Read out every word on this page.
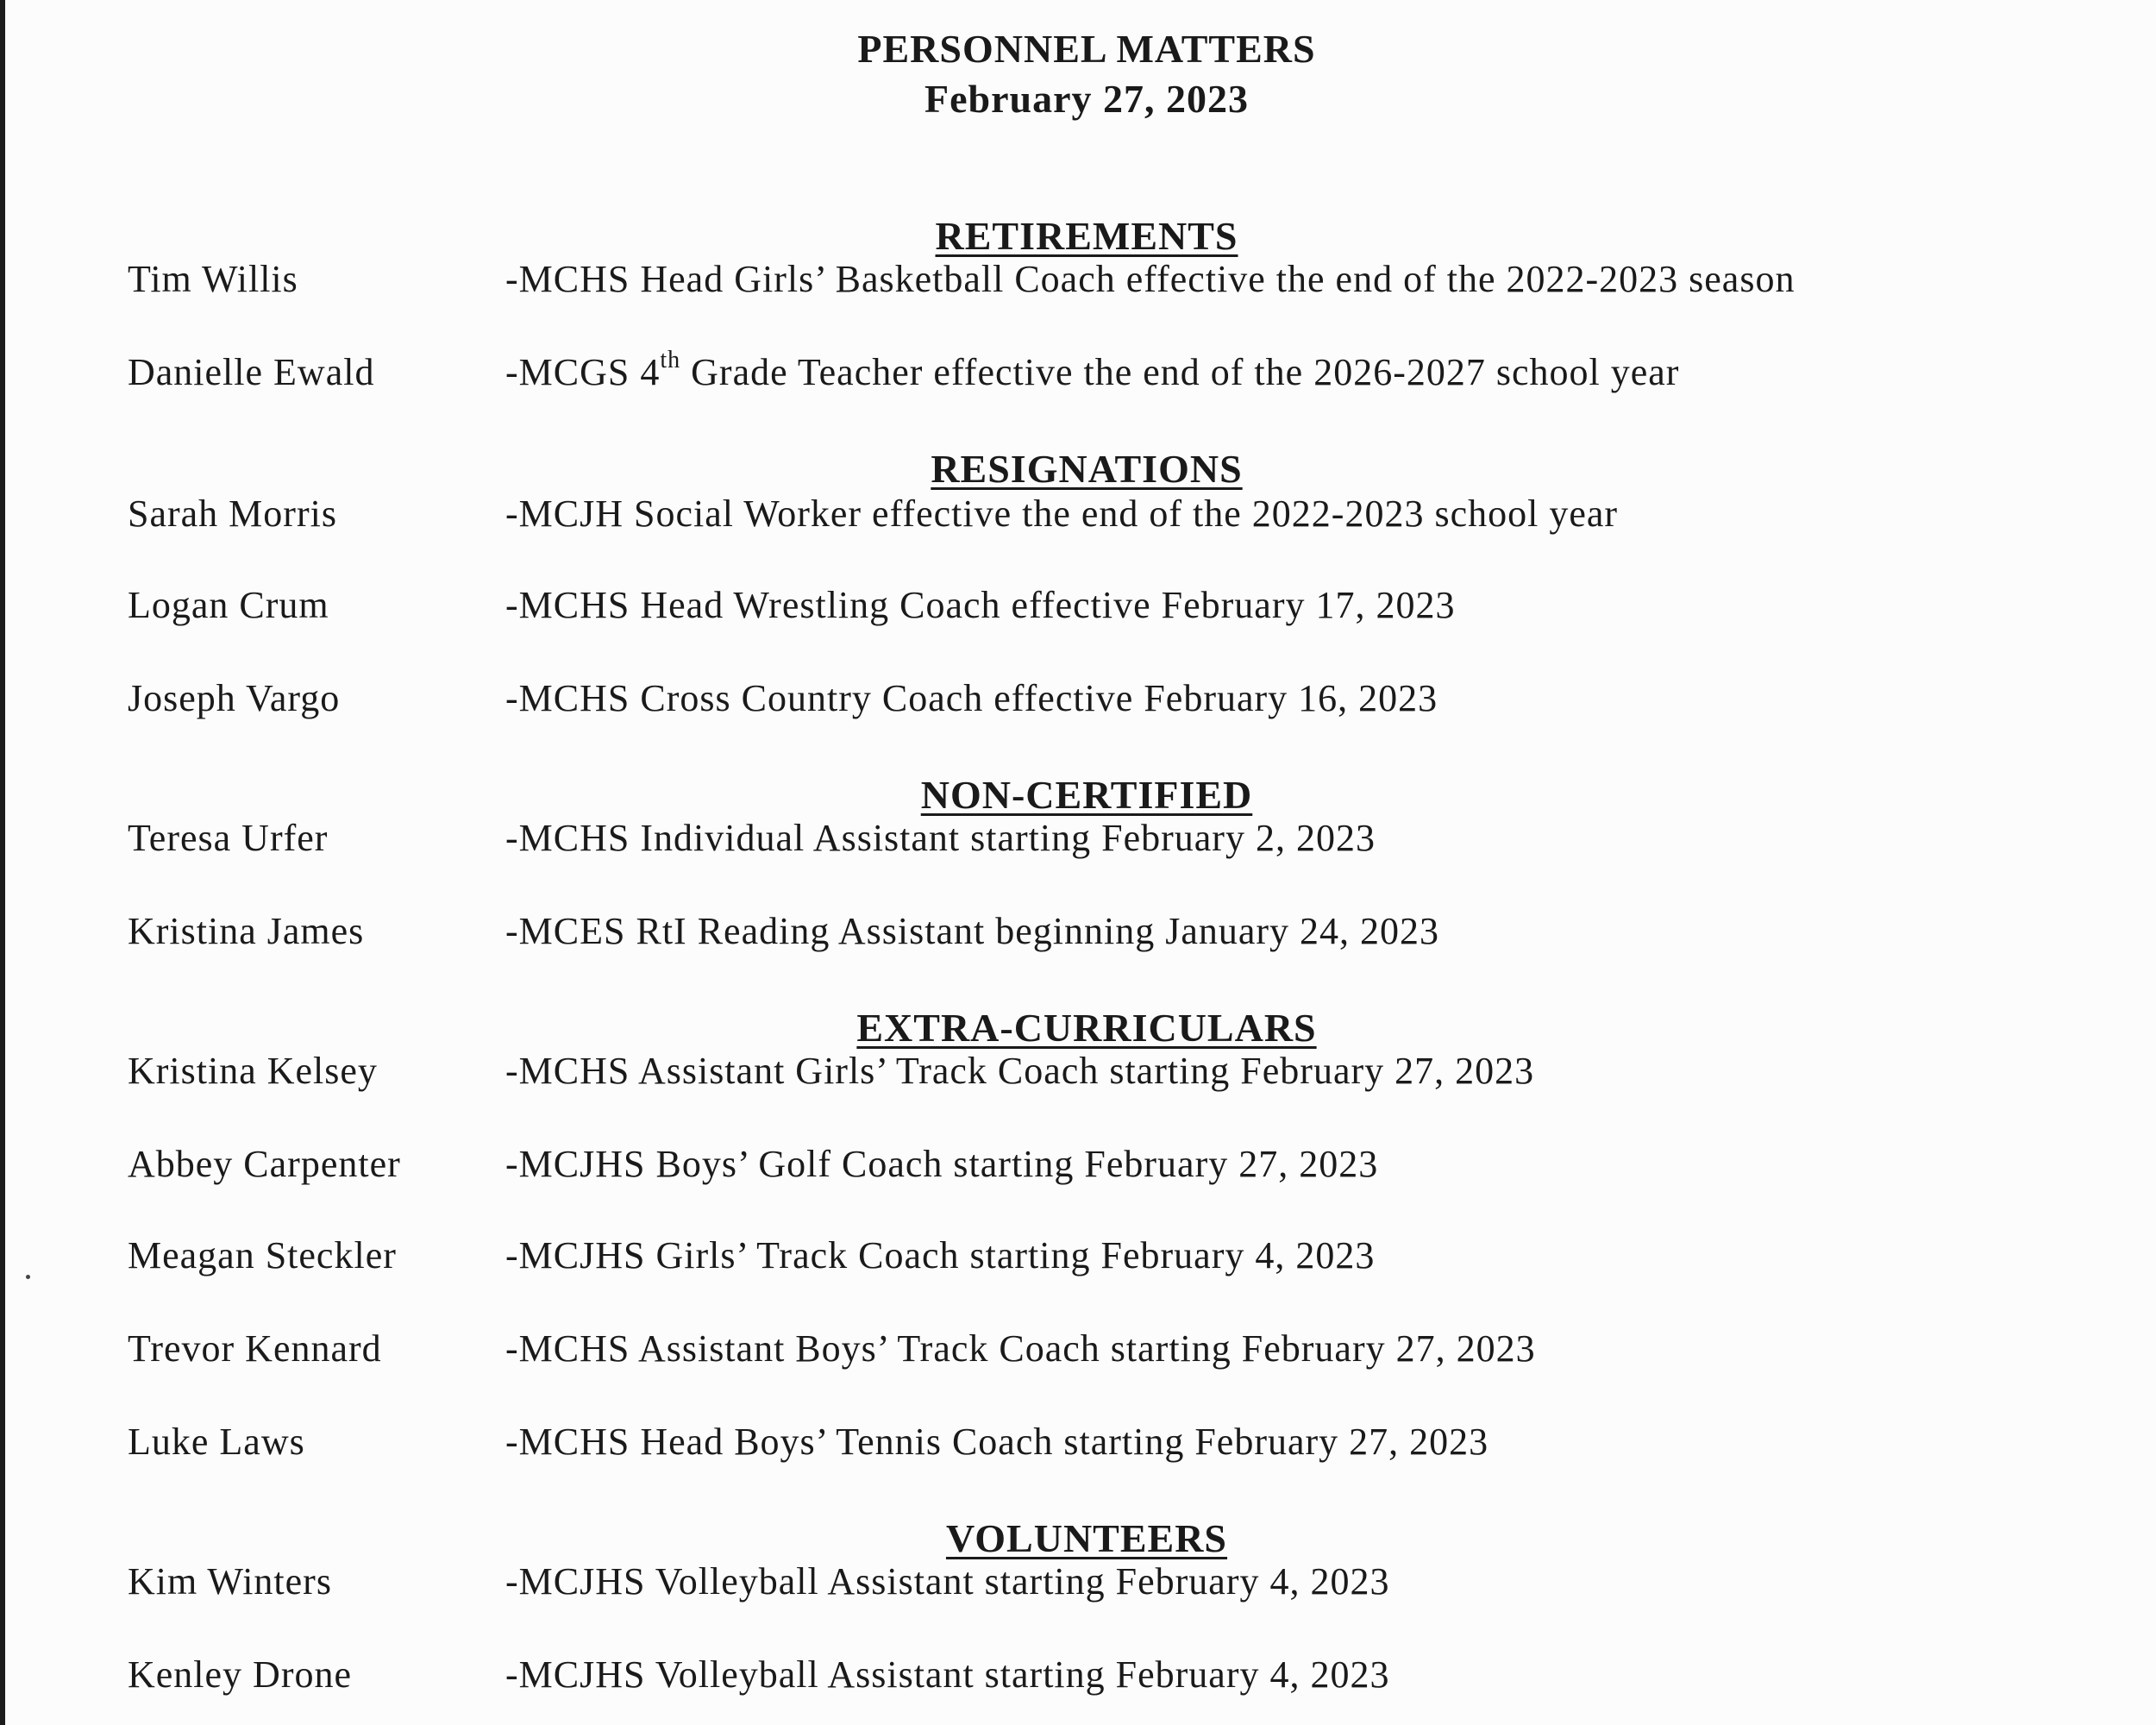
PERSONNEL MATTERS
February 27, 2023
RETIREMENTS
Tim Willis	-MCHS Head Girls’ Basketball Coach effective the end of the 2022-2023 season
Danielle Ewald	-MCGS 4th Grade Teacher effective the end of the 2026-2027 school year
RESIGNATIONS
Sarah Morris	-MCJH Social Worker effective the end of the 2022-2023 school year
Logan Crum	-MCHS Head Wrestling Coach effective February 17, 2023
Joseph Vargo	-MCHS Cross Country Coach effective February 16, 2023
NON-CERTIFIED
Teresa Urfer	-MCHS Individual Assistant starting February 2, 2023
Kristina James	-MCES RtI Reading Assistant beginning January 24, 2023
EXTRA-CURRICULARS
Kristina Kelsey	-MCHS Assistant Girls’ Track Coach starting February 27, 2023
Abbey Carpenter	-MCJHS Boys’ Golf Coach starting February 27, 2023
Meagan Steckler	-MCJHS Girls’ Track Coach starting February 4, 2023
Trevor Kennard	-MCHS Assistant Boys’ Track Coach starting February 27, 2023
Luke Laws	-MCHS Head Boys’ Tennis Coach starting February 27, 2023
VOLUNTEERS
Kim Winters	-MCJHS Volleyball Assistant starting February 4, 2023
Kenley Drone	-MCJHS Volleyball Assistant starting February 4, 2023
